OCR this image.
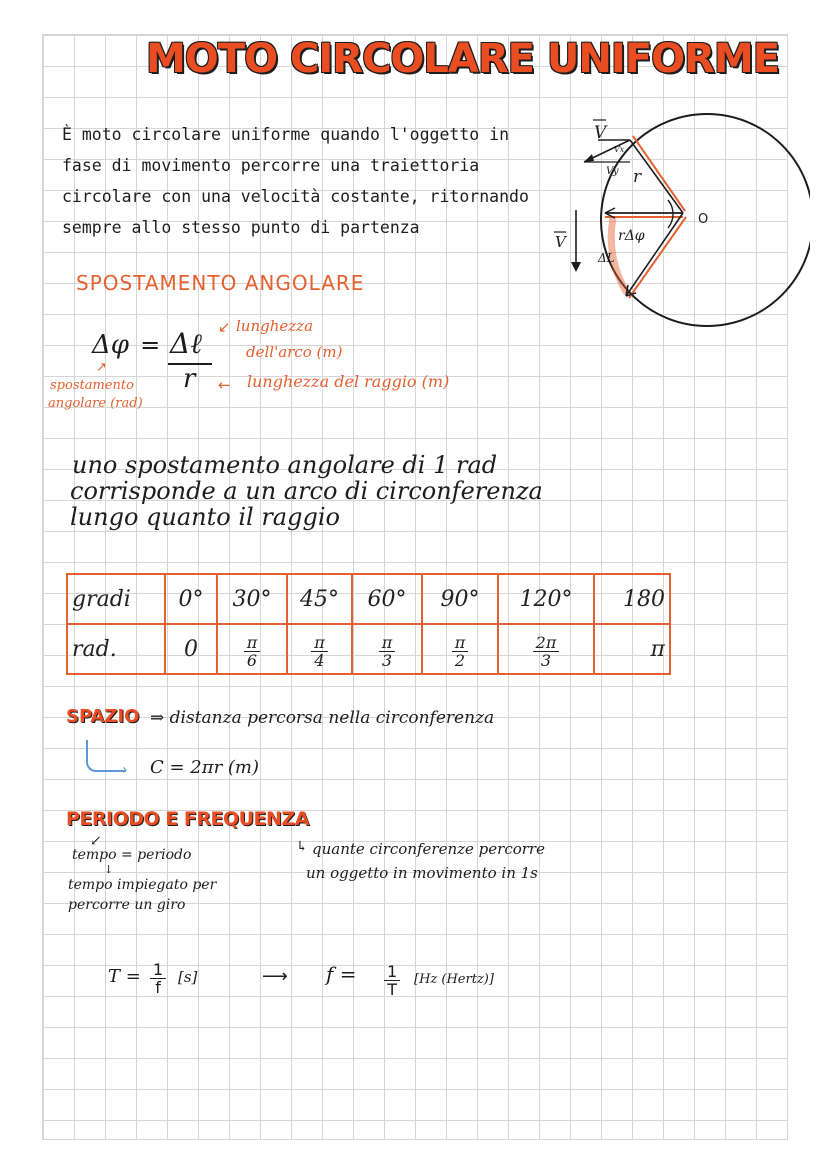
MOTO CIRCOLARE UNIFORME
È moto circolare uniforme quando l'oggetto in
fase di movimento percorre una traiettoria
circolare con una velocità costante, ritornando
sempre allo stesso punto di partenza
V
Vx
Vy r
V	rΔφ
O
ΔL
SPOSTAMENTO ANGOLARE
Δφ = Δℓ
r
lunghezza
dell'arco (m)
↙
← lunghezza del raggio (m)
↗
spostamento
angolare (rad)
uno spostamento angolare di 1 rad
corrisponde a un arco di circonferenza
lungo quanto il raggio
gradi	0°	30°	45°	60°	90°	120°	180
rad.	0	$\frac{\pi}{6}$	$\frac{\pi}{4}$	$\frac{\pi}{3}$	$\frac{\pi}{2}$	$\frac{2\pi}{3}$	π
SPAZIO ⇒ distanza percorsa nella circonferenza
› C = 2πr (m)
PERIODO E FREQUENZA
↙
tempo = periodo
↓
tempo impiegato per
percorre un giro
↳ quante circonferenze percorre
un oggetto in movimento in 1s
$T = \frac{1}{f} [s]$	⟶ $f = \frac{1}{T} [Hz$ (Hertz)]
